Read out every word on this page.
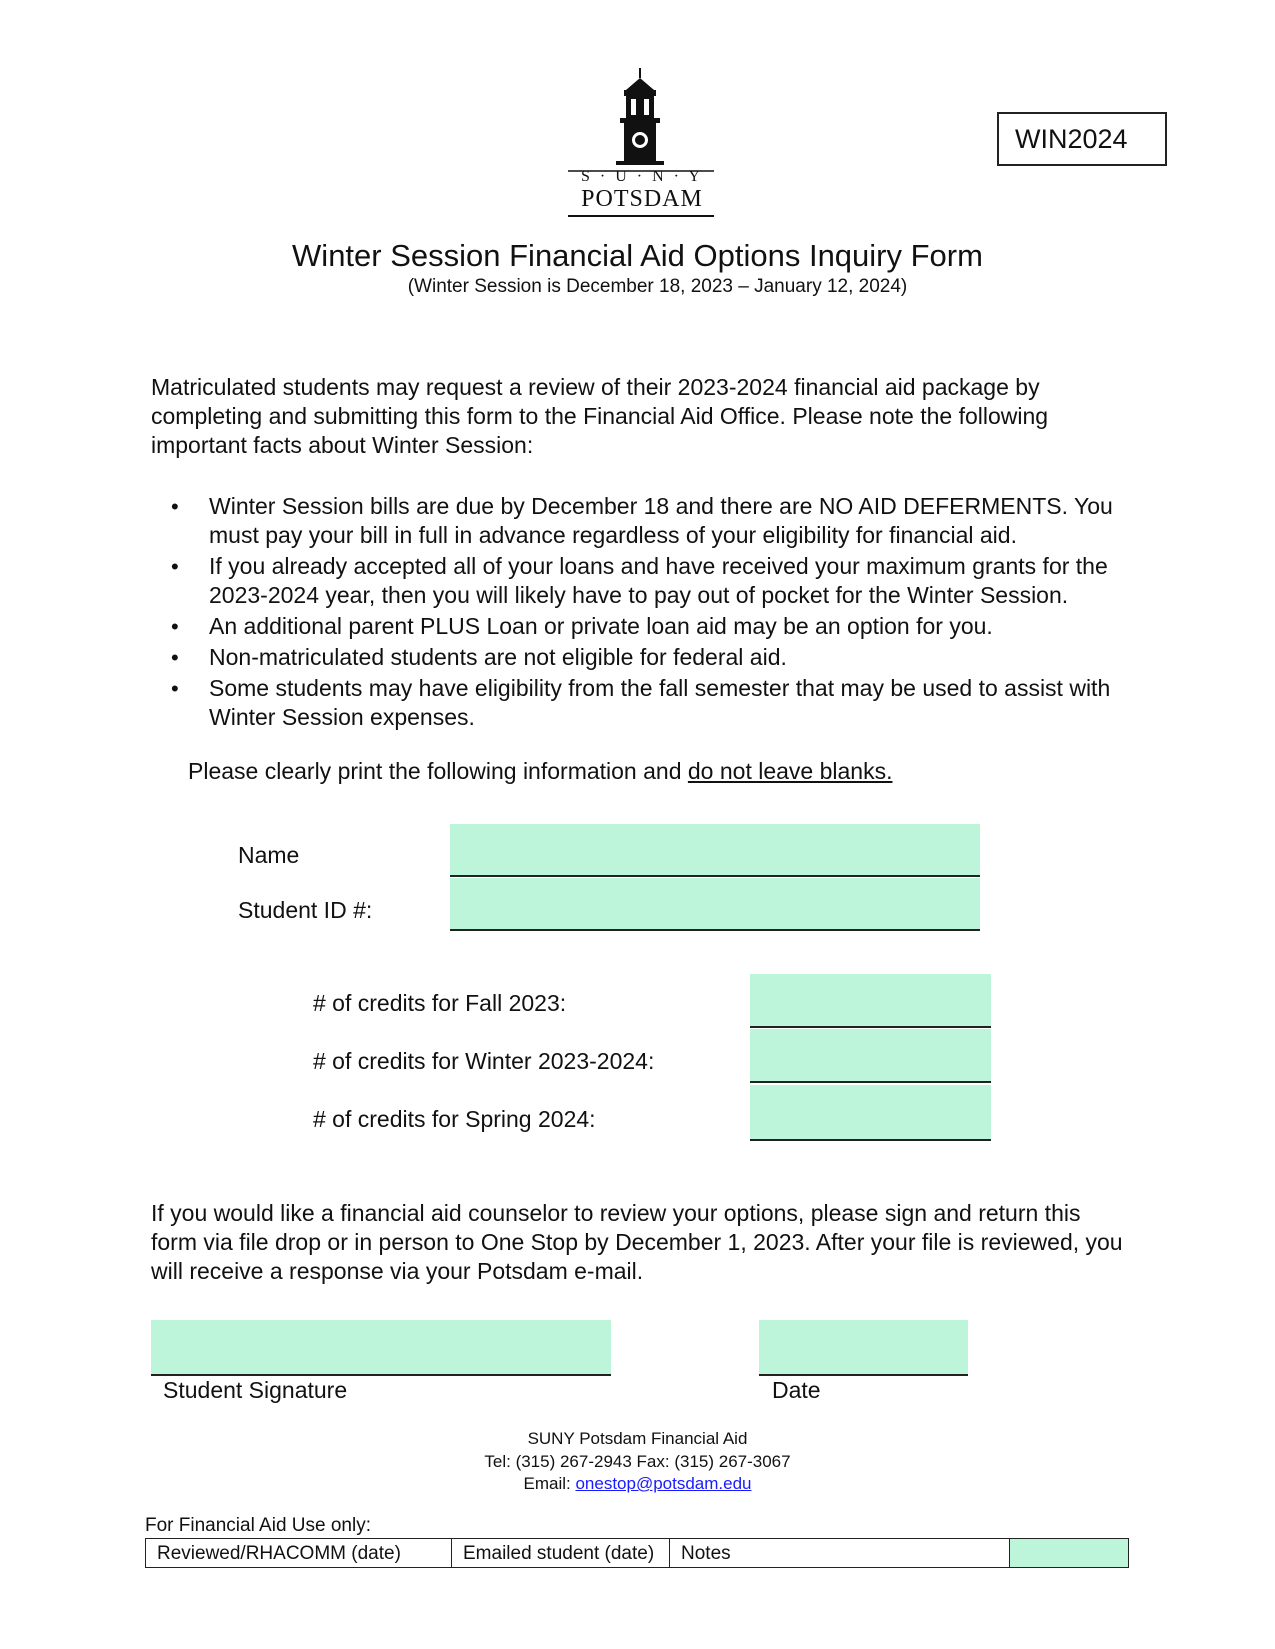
S · U · N · Y
POTSDAM
WIN2024
Winter Session Financial Aid Options Inquiry Form
(Winter Session is December 18, 2023 – January 12, 2024)
Matriculated students may request a review of their 2023-2024 financial aid package by completing and submitting this form to the Financial Aid Office. Please note the following important facts about Winter Session:
• Winter Session bills are due by December 18 and there are NO AID DEFERMENTS. You must pay your bill in full in advance regardless of your eligibility for financial aid.
• If you already accepted all of your loans and have received your maximum grants for the 2023-2024 year, then you will likely have to pay out of pocket for the Winter Session.
• An additional parent PLUS Loan or private loan aid may be an option for you.
• Non-matriculated students are not eligible for federal aid.
• Some students may have eligibility from the fall semester that may be used to assist with Winter Session expenses.
Please clearly print the following information and do not leave blanks.
Name
Student ID #:
# of credits for Fall 2023:
# of credits for Winter 2023-2024:
# of credits for Spring 2024:
If you would like a financial aid counselor to review your options, please sign and return this form via file drop or in person to One Stop by December 1, 2023. After your file is reviewed, you will receive a response via your Potsdam e-mail.
Student Signature	Date
SUNY Potsdam Financial Aid
Tel: (315) 267-2943 Fax: (315) 267-3067
Email: onestop@potsdam.edu
For Financial Aid Use only:
Reviewed/RHACOMM (date)	Emailed student (date)	Notes
